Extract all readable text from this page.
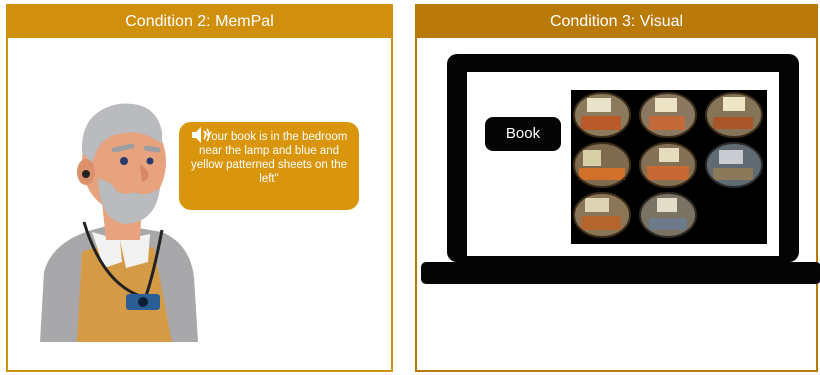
Condition 2: MemPal
Your book is in the bedroom near the lamp and blue and yellow patterned sheets on the left"
Condition 3: Visual
Book
